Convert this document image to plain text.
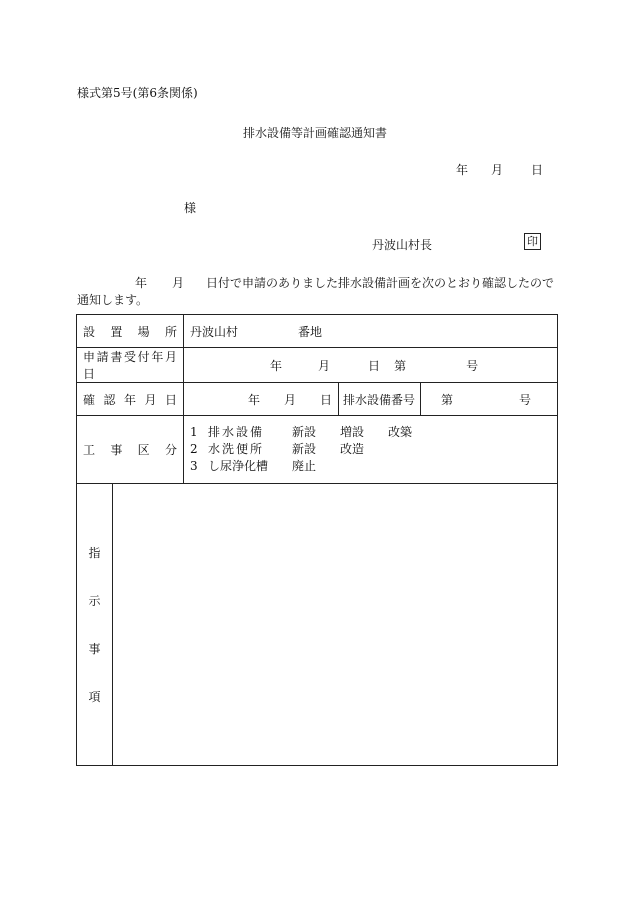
様式第5号(第6条関係)
排水設備等計画確認通知書
年 月 日
様
丹波山村長	印
年 月 日付で申請のありました排水設備計画を次のとおり確認したので
通知します。
設置場所		丹波山村 番地		
申請書受付年月日		年 月 日 第 号		
確認年月日		年 月 日	排水設備番号	第 号
工事区分		1 排水設備 新設 増設 改築
2 水洗便所 新設 改造
3 し尿浄化槽 廃止		

指
示
事
項				
